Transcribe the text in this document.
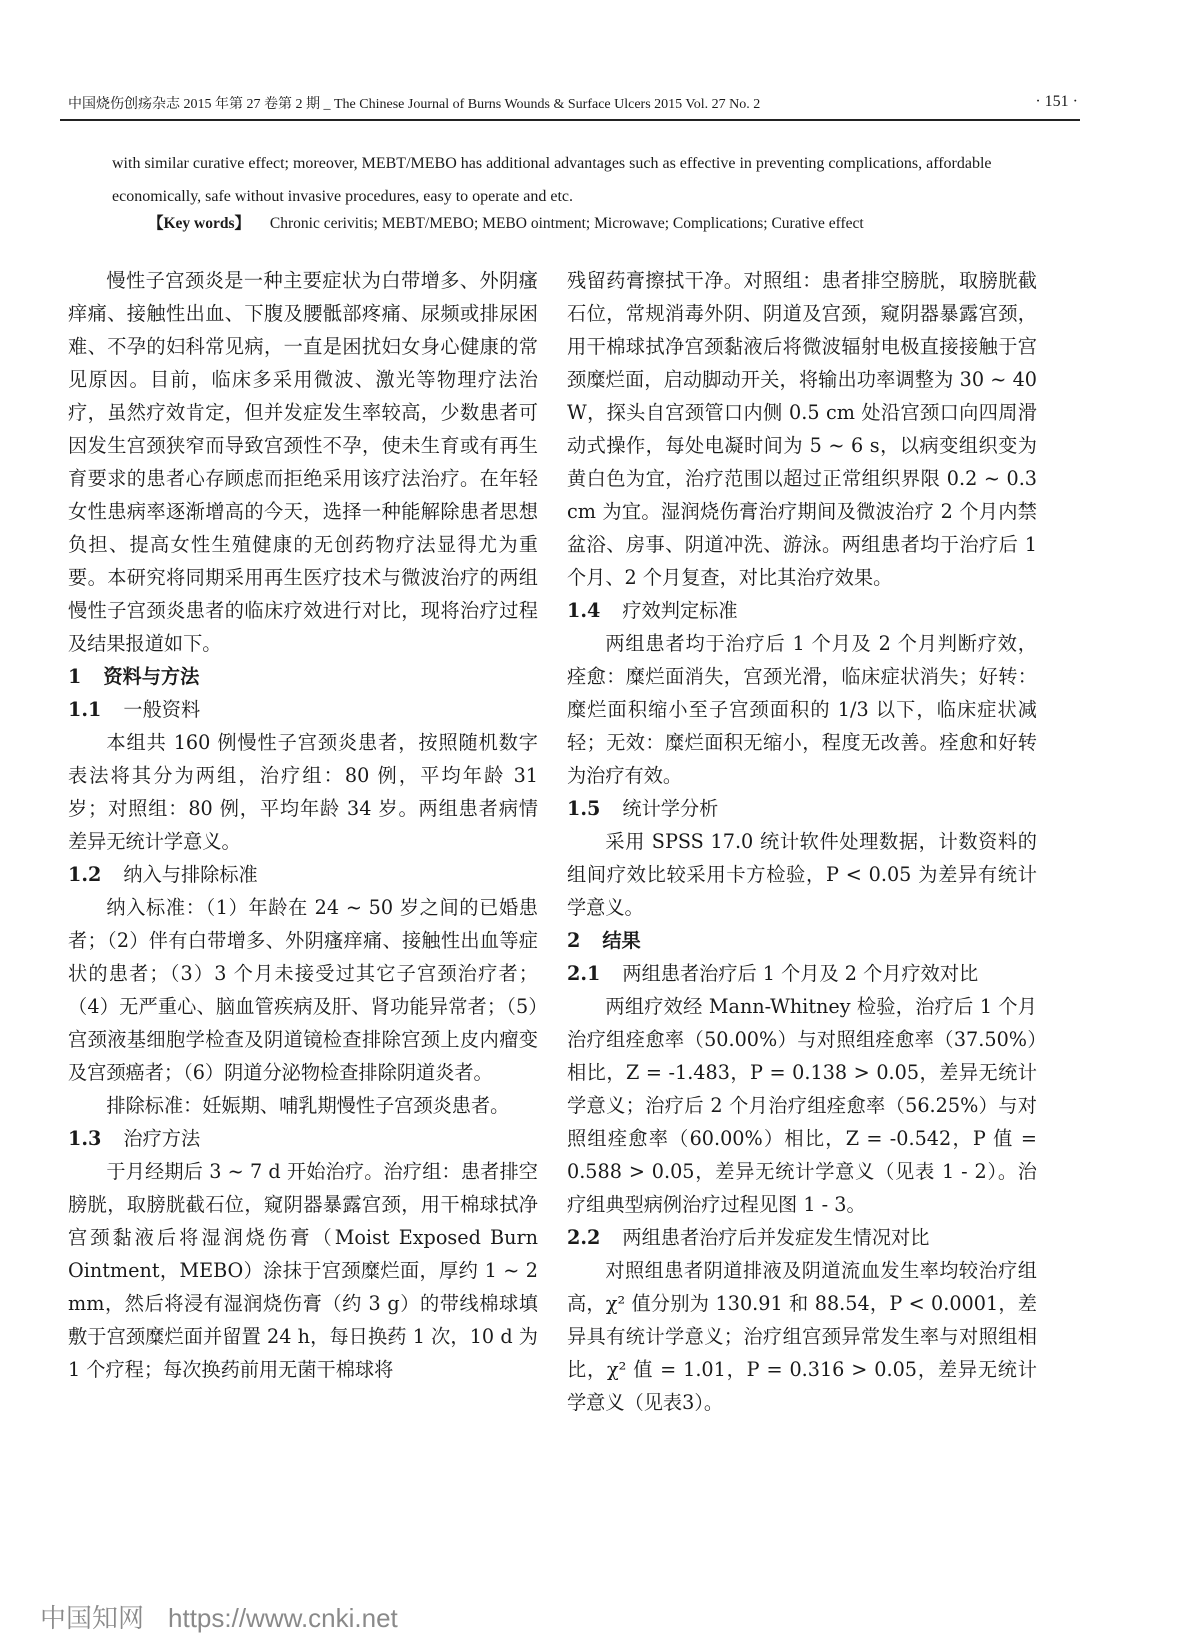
中国烧伤创疡杂志 2015 年第 27 卷第 2 期 _ The Chinese Journal of Burns Wounds & Surface Ulcers 2015 Vol. 27 No. 2	· 151 ·
with similar curative effect; moreover, MEBT/MEBO has additional advantages such as effective in preventing complications, affordable economically, safe without invasive procedures, easy to operate and etc.
【Key words】 Chronic cerivitis; MEBT/MEBO; MEBO ointment; Microwave; Complications; Curative effect

慢性子宫颈炎是一种主要症状为白带增多、外阴瘙痒痛、接触性出血、下腹及腰骶部疼痛、尿频或排尿困难、不孕的妇科常见病，一直是困扰妇女身心健康的常见原因。目前，临床多采用微波、激光等物理疗法治疗，虽然疗效肯定，但并发症发生率较高，少数患者可因发生宫颈狭窄而导致宫颈性不孕，使未生育或有再生育要求的患者心存顾虑而拒绝采用该疗法治疗。在年轻女性患病率逐渐增高的今天，选择一种能解除患者思想负担、提高女性生殖健康的无创药物疗法显得尤为重要。本研究将同期采用再生医疗技术与微波治疗的两组慢性子宫颈炎患者的临床疗效进行对比，现将治疗过程及结果报道如下。

1 资料与方法
1.1 一般资料

本组共 160 例慢性子宫颈炎患者，按照随机数字表法将其分为两组，治疗组：80 例，平均年龄 31 岁；对照组：80 例，平均年龄 34 岁。两组患者病情差异无统计学意义。

1.2 纳入与排除标准

纳入标准：（1）年龄在 24 ~ 50 岁之间的已婚患者；（2）伴有白带增多、外阴瘙痒痛、接触性出血等症状的患者；（3）3 个月未接受过其它子宫颈治疗者；（4）无严重心、脑血管疾病及肝、肾功能异常者；（5）宫颈液基细胞学检查及阴道镜检查排除宫颈上皮内瘤变及宫颈癌者；（6）阴道分泌物检查排除阴道炎者。

排除标准：妊娠期、哺乳期慢性子宫颈炎患者。

1.3 治疗方法

于月经期后 3 ~ 7 d 开始治疗。治疗组：患者排空膀胱，取膀胱截石位，窥阴器暴露宫颈，用干棉球拭净宫颈黏液后将湿润烧伤膏（Moist Exposed Burn Ointment，MEBO）涂抹于宫颈糜烂面，厚约 1 ~ 2 mm，然后将浸有湿润烧伤膏（约 3 g）的带线棉球填敷于宫颈糜烂面并留置 24 h，每日换药 1 次，10 d 为 1 个疗程；每次换药前用无菌干棉球将

残留药膏擦拭干净。对照组：患者排空膀胱，取膀胱截石位，常规消毒外阴、阴道及宫颈，窥阴器暴露宫颈，用干棉球拭净宫颈黏液后将微波辐射电极直接接触于宫颈糜烂面，启动脚动开关，将输出功率调整为 30 ~ 40 W，探头自宫颈管口内侧 0.5 cm 处沿宫颈口向四周滑动式操作，每处电凝时间为 5 ~ 6 s，以病变组织变为黄白色为宜，治疗范围以超过正常组织界限 0.2 ~ 0.3 cm 为宜。湿润烧伤膏治疗期间及微波治疗 2 个月内禁盆浴、房事、阴道冲洗、游泳。两组患者均于治疗后 1 个月、2 个月复查，对比其治疗效果。

1.4 疗效判定标准

两组患者均于治疗后 1 个月及 2 个月判断疗效，痊愈：糜烂面消失，宫颈光滑，临床症状消失；好转：糜烂面积缩小至子宫颈面积的 1/3 以下，临床症状减轻；无效：糜烂面积无缩小，程度无改善。痊愈和好转为治疗有效。

1.5 统计学分析

采用 SPSS 17.0 统计软件处理数据，计数资料的组间疗效比较采用卡方检验，P < 0.05 为差异有统计学意义。

2 结果
2.1 两组患者治疗后 1 个月及 2 个月疗效对比

两组疗效经 Mann-Whitney 检验，治疗后 1 个月治疗组痊愈率（50.00%）与对照组痊愈率（37.50%）相比，Z = -1.483，P = 0.138 > 0.05，差异无统计学意义；治疗后 2 个月治疗组痊愈率（56.25%）与对照组痊愈率（60.00%）相比，Z = -0.542，P 值 = 0.588 > 0.05，差异无统计学意义（见表 1 - 2）。治疗组典型病例治疗过程见图 1 - 3。

2.2 两组患者治疗后并发症发生情况对比

对照组患者阴道排液及阴道流血发生率均较治疗组高，χ² 值分别为 130.91 和 88.54，P < 0.0001，差异具有统计学意义；治疗组宫颈异常发生率与对照组相比，χ² 值 = 1.01，P = 0.316 > 0.05，差异无统计学意义（见表3）。

中国知网 https://www.cnki.net
